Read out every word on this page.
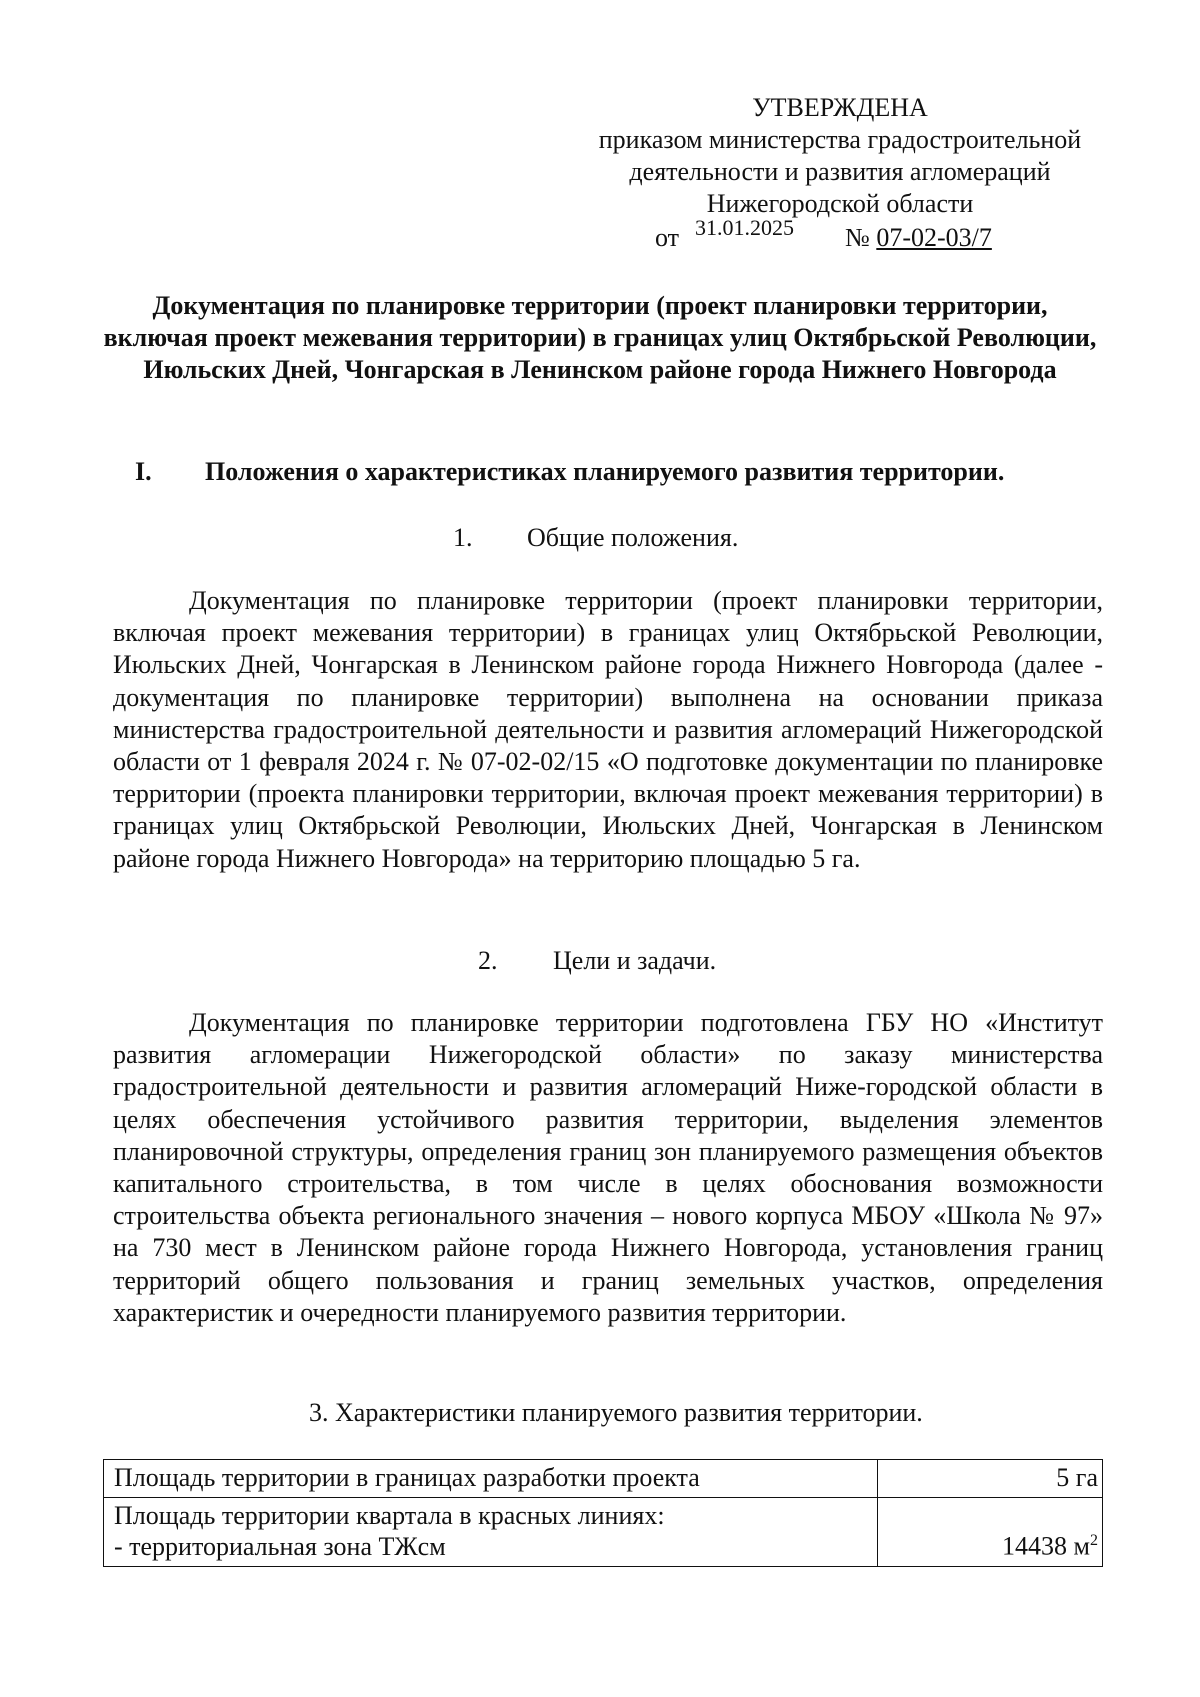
УТВЕРЖДЕНА
приказом министерства градостроительной
деятельности и развития агломераций
Нижегородской области
от 31.01.2025 № 07-02-03/7
Документация по планировке территории (проект планировки территории, включая проект межевания территории) в границах улиц Октябрьской Революции, Июльских Дней, Чонгарская в Ленинском районе города Нижнего Новгорода
I. Положения о характеристиках планируемого развития территории.
1. Общие положения.
Документация по планировке территории (проект планировки территории, включая проект межевания территории) в границах улиц Октябрьской Революции, Июльских Дней, Чонгарская в Ленинском районе города Нижнего Новгорода (далее - документация по планировке территории) выполнена на основании приказа министерства градостроительной деятельности и развития агломераций Нижегородской области от 1 февраля 2024 г. № 07-02-02/15 «О подготовке документации по планировке территории (проекта планировки территории, включая проект межевания территории) в границах улиц Октябрьской Революции, Июльских Дней, Чонгарская в Ленинском районе города Нижнего Новгорода» на территорию площадью 5 га.
2. Цели и задачи.
Документация по планировке территории подготовлена ГБУ НО «Институт развития агломерации Нижегородской области» по заказу министерства градостроительной деятельности и развития агломераций Ниже-городской области в целях обеспечения устойчивого развития территории, выделения элементов планировочной структуры, определения границ зон планируемого размещения объектов капитального строительства, в том числе в целях обоснования возможности строительства объекта регионального значения – нового корпуса МБОУ «Школа № 97» на 730 мест в Ленинском районе города Нижнего Новгорода, установления границ территорий общего пользования и границ земельных участков, определения характеристик и очередности планируемого развития территории.
3. Характеристики планируемого развития территории.
Площадь территории в границах разработки проекта	5 га

Площадь территории квартала в красных линиях:
- территориальная зона ТЖсм	14438 $м^2$
